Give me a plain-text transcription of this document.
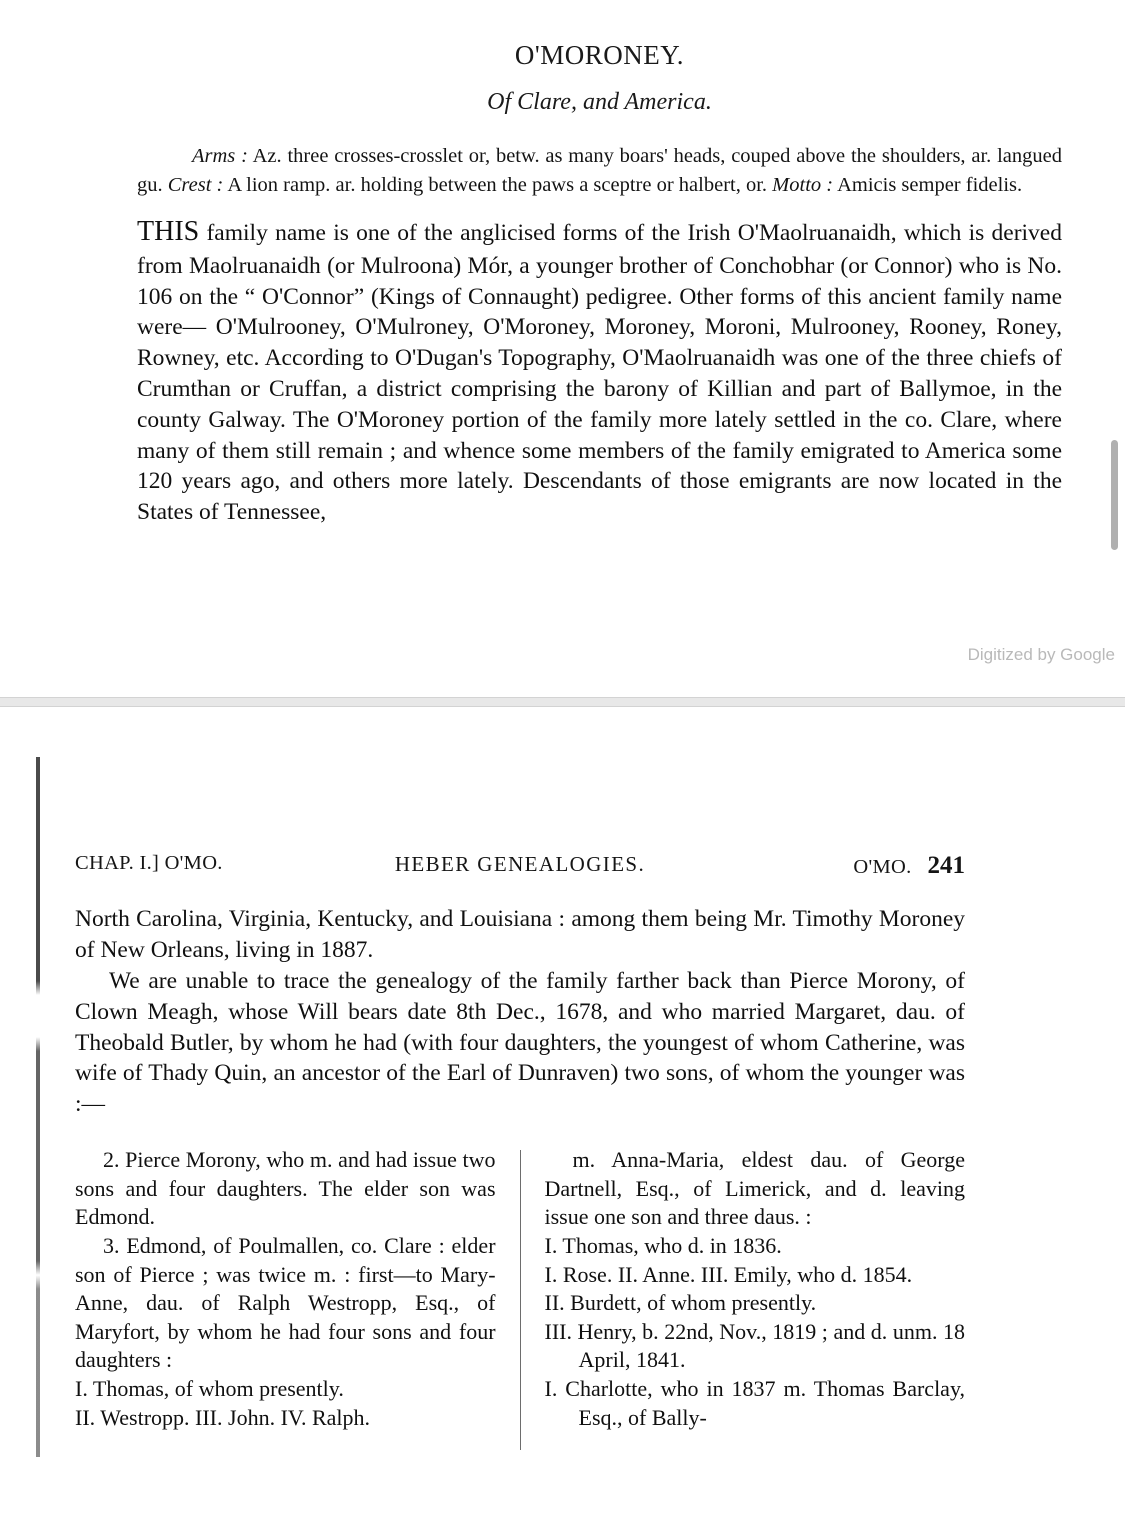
O'MORONEY.
Of Clare, and America.
Arms : Az. three crosses-crosslet or, betw. as many boars' heads, couped above the shoulders, ar. langued gu. Crest : A lion ramp. ar. holding between the paws a sceptre or halbert, or. Motto : Amicis semper fidelis.
THIS family name is one of the anglicised forms of the Irish O'Maolruanaidh, which is derived from Maolruanaidh (or Mulroona) Mór, a younger brother of Conchobhar (or Connor) who is No. 106 on the “ O'Connor” (Kings of Connaught) pedigree. Other forms of this ancient family name were— O'Mulrooney, O'Mulroney, O'Moroney, Moroney, Moroni, Mulrooney, Rooney, Roney, Rowney, etc. According to O'Dugan's Topography, O'Maolruanaidh was one of the three chiefs of Crumthan or Cruffan, a district comprising the barony of Killian and part of Ballymoe, in the county Galway. The O'Moroney portion of the family more lately settled in the co. Clare, where many of them still remain ; and whence some members of the family emigrated to America some 120 years ago, and others more lately. Descendants of those emigrants are now located in the States of Tennessee,
Digitized by Google
CHAP. I.] O'MO.	HEBER GENEALOGIES.	O'MO. 241

North Carolina, Virginia, Kentucky, and Louisiana : among them being Mr. Timothy Moroney of New Orleans, living in 1887.

We are unable to trace the genealogy of the family farther back than Pierce Morony, of Clown Meagh, whose Will bears date 8th Dec., 1678, and who married Margaret, dau. of Theobald Butler, by whom he had (with four daughters, the youngest of whom Catherine, was wife of Thady Quin, an ancestor of the Earl of Dunraven) two sons, of whom the younger was :—

2. Pierce Morony, who m. and had issue two sons and four daughters. The elder son was Edmond.

3. Edmond, of Poulmallen, co. Clare : elder son of Pierce ; was twice m. : first—to Mary-Anne, dau. of Ralph Westropp, Esq., of Maryfort, by whom he had four sons and four daughters :

I. Thomas, of whom presently.

II. Westropp. III. John. IV. Ralph.

m. Anna-Maria, eldest dau. of George Dartnell, Esq., of Limerick, and d. leaving issue one son and three daus. :

I. Thomas, who d. in 1836.

I. Rose. II. Anne. III. Emily, who d. 1854.

II. Burdett, of whom presently.

III. Henry, b. 22nd, Nov., 1819 ; and d. unm. 18 April, 1841.

I. Charlotte, who in 1837 m. Thomas Barclay, Esq., of Bally-
